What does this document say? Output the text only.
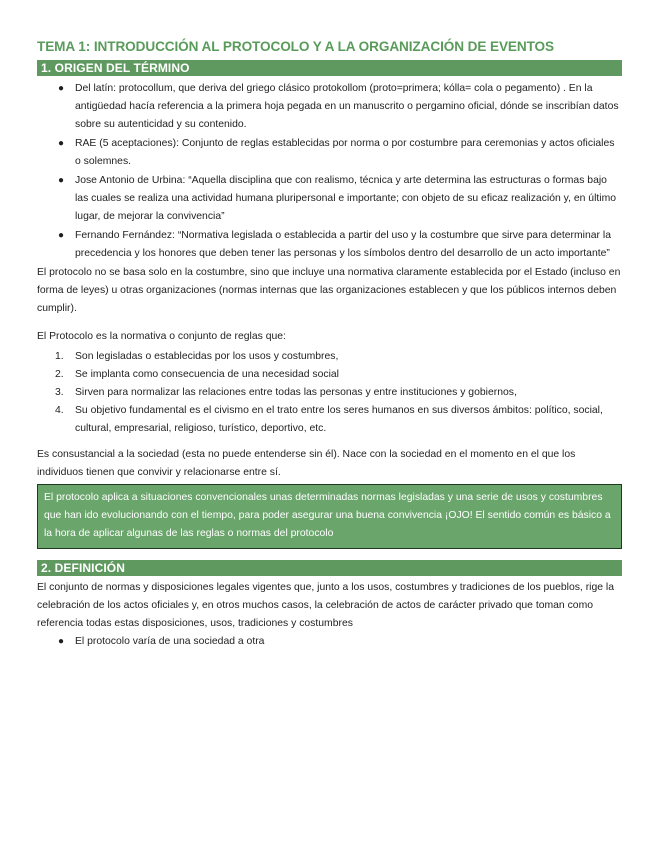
TEMA 1: INTRODUCCIÓN AL PROTOCOLO Y A LA ORGANIZACIÓN DE EVENTOS
1. ORIGEN DEL TÉRMINO
● Del latín: protocollum, que deriva del griego clásico protokollom (proto=primera; kólla= cola o pegamento) . En la antigüedad hacía referencia a la primera hoja pegada en un manuscrito o pergamino oficial, dónde se inscribían datos sobre su autenticidad y su contenido.
● RAE (5 aceptaciones): Conjunto de reglas establecidas por norma o por costumbre para ceremonias y actos oficiales o solemnes.
● Jose Antonio de Urbina: “Aquella disciplina que con realismo, técnica y arte determina las estructuras o formas bajo las cuales se realiza una actividad humana pluripersonal e importante; con objeto de su eficaz realización y, en último lugar, de mejorar la convivencia”
● Fernando Fernández: “Normativa legislada o establecida a partir del uso y la costumbre que sirve para determinar la precedencia y los honores que deben tener las personas y los símbolos dentro del desarrollo de un acto importante”

El protocolo no se basa solo en la costumbre, sino que incluye una normativa claramente establecida por el Estado (incluso en forma de leyes) u otras organizaciones (normas internas que las organizaciones establecen y que los públicos internos deben cumplir).

El Protocolo es la normativa o conjunto de reglas que:

1. Son legisladas o establecidas por los usos y costumbres,
2. Se implanta como consecuencia de una necesidad social
3. Sirven para normalizar las relaciones entre todas las personas y entre instituciones y gobiernos,
4. Su objetivo fundamental es el civismo en el trato entre los seres humanos en sus diversos ámbitos: político, social, cultural, empresarial, religioso, turístico, deportivo, etc.

Es consustancial a la sociedad (esta no puede entenderse sin él). Nace con la sociedad en el momento en el que los individuos tienen que convivir y relacionarse entre sí.

El protocolo aplica a situaciones convencionales unas determinadas normas legisladas y una serie de usos y costumbres que han ido evolucionando con el tiempo, para poder asegurar una buena convivencia ¡OJO! El sentido común es básico a la hora de aplicar algunas de las reglas o normas del protocolo
2. DEFINICIÓN

El conjunto de normas y disposiciones legales vigentes que, junto a los usos, costumbres y tradiciones de los pueblos, rige la celebración de los actos oficiales y, en otros muchos casos, la celebración de actos de carácter privado que toman como referencia todas estas disposiciones, usos, tradiciones y costumbres

● El protocolo varía de una sociedad a otra
